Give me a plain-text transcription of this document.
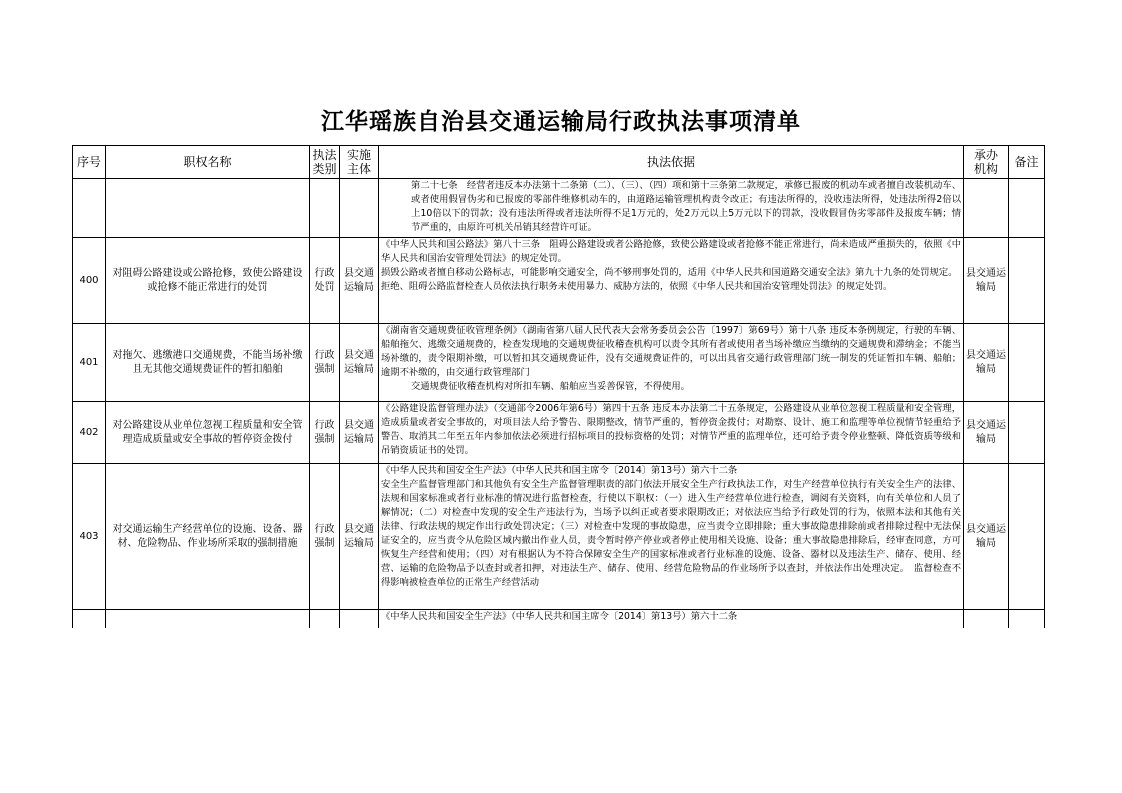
江华瑶族自治县交通运输局行政执法事项清单
序号	职权名称	执法类别	实施主体	执法依据	承办机构	备注

				第二十七条　经营者违反本办法第十二条第（二）、（三）、（四）项和第十三条第二款规定，承修已报废的机动车或者擅自改装机动车、或者使用假冒伪劣和已报废的零部件维修机动车的，由道路运输管理机构责令改正；有违法所得的，没收违法所得，处违法所得2倍以上10倍以下的罚款；没有违法所得或者违法所得不足1万元的，处2万元以上5万元以下的罚款，没收假冒伪劣零部件及报废车辆；情节严重的，由原许可机关吊销其经营许可证。		

400	对阻碍公路建设或公路抢修，致使公路建设或抢修不能正常进行的处罚	行政处罚	县交通运输局	《中华人民共和国公路法》第八十三条　阻碍公路建设或者公路抢修，致使公路建设或者抢修不能正常进行，尚未造成严重损失的，依照《中华人民共和国治安管理处罚法》的规定处罚。

损毁公路或者擅自移动公路标志，可能影响交通安全，尚不够刑事处罚的，适用《中华人民共和国道路交通安全法》第九十九条的处罚规定。

拒绝、阻碍公路监督检查人员依法执行职务未使用暴力、威胁方法的，依照《中华人民共和国治安管理处罚法》的规定处罚。	县交通运输局	
401	对拖欠、逃缴港口交通规费，不能当场补缴且无其他交通规费证件的暂扣船舶	行政强制	县交通运输局	《湖南省交通规费征收管理条例》（湖南省第八届人民代表大会常务委员会公告〔1997〕第69号）第十八条 违反本条例规定，行驶的车辆、船舶拖欠、逃缴交通规费的，检查发现地的交通规费征收稽查机构可以责令其所有者或使用者当场补缴应当缴纳的交通规费和滞纳金；不能当场补缴的，责令限期补缴，可以暂扣其交通规费证件，没有交通规费证件的，可以出具省交通行政管理部门统一制发的凭证暂扣车辆、船舶；逾期不补缴的，由交通行政管理部门

交通规费征收稽查机构对所扣车辆、船舶应当妥善保管，不得使用。	县交通运输局	
402	对公路建设从业单位忽视工程质量和安全管理造成质量或安全事故的暂停资金拨付	行政强制	县交通运输局	《公路建设监督管理办法》（交通部令2006年第6号）第四十五条 违反本办法第二十五条规定，公路建设从业单位忽视工程质量和安全管理，造成质量或者安全事故的，对项目法人给予警告、限期整改，情节严重的，暂停资金拨付；对勘察、设计、施工和监理等单位视情节轻重给予警告、取消其二年至五年内参加依法必须进行招标项目的投标资格的处罚；对情节严重的监理单位，还可给予责令停业整顿、降低资质等级和吊销资质证书的处罚。	县交通运输局	
403	对交通运输生产经营单位的设施、设备、器材、危险物品、作业场所采取的强制措施	行政强制	县交通运输局	《中华人民共和国安全生产法》（中华人民共和国主席令〔2014〕第13号）第六十二条

安全生产监督管理部门和其他负有安全生产监督管理职责的部门依法开展安全生产行政执法工作，对生产经营单位执行有关安全生产的法律、法规和国家标准或者行业标准的情况进行监督检查，行使以下职权：（一）进入生产经营单位进行检查，调阅有关资料，向有关单位和人员了解情况；（二）对检查中发现的安全生产违法行为，当场予以纠正或者要求限期改正；对依法应当给予行政处罚的行为，依照本法和其他有关法律、行政法规的规定作出行政处罚决定；（三）对检查中发现的事故隐患，应当责令立即排除；重大事故隐患排除前或者排除过程中无法保证安全的，应当责令从危险区域内撤出作业人员，责令暂时停产停业或者停止使用相关设施、设备；重大事故隐患排除后，经审查同意，方可恢复生产经营和使用；（四）对有根据认为不符合保障安全生产的国家标准或者行业标准的设施、设备、器材以及违法生产、储存、使用、经营、运输的危险物品予以查封或者扣押，对违法生产、储存、使用、经营危险物品的作业场所予以查封，并依法作出处理决定。　监督检查不得影响被检查单位的正常生产经营活动	县交通运输局	

				《中华人民共和国安全生产法》（中华人民共和国主席令〔2014〕第13号）第六十二条		
